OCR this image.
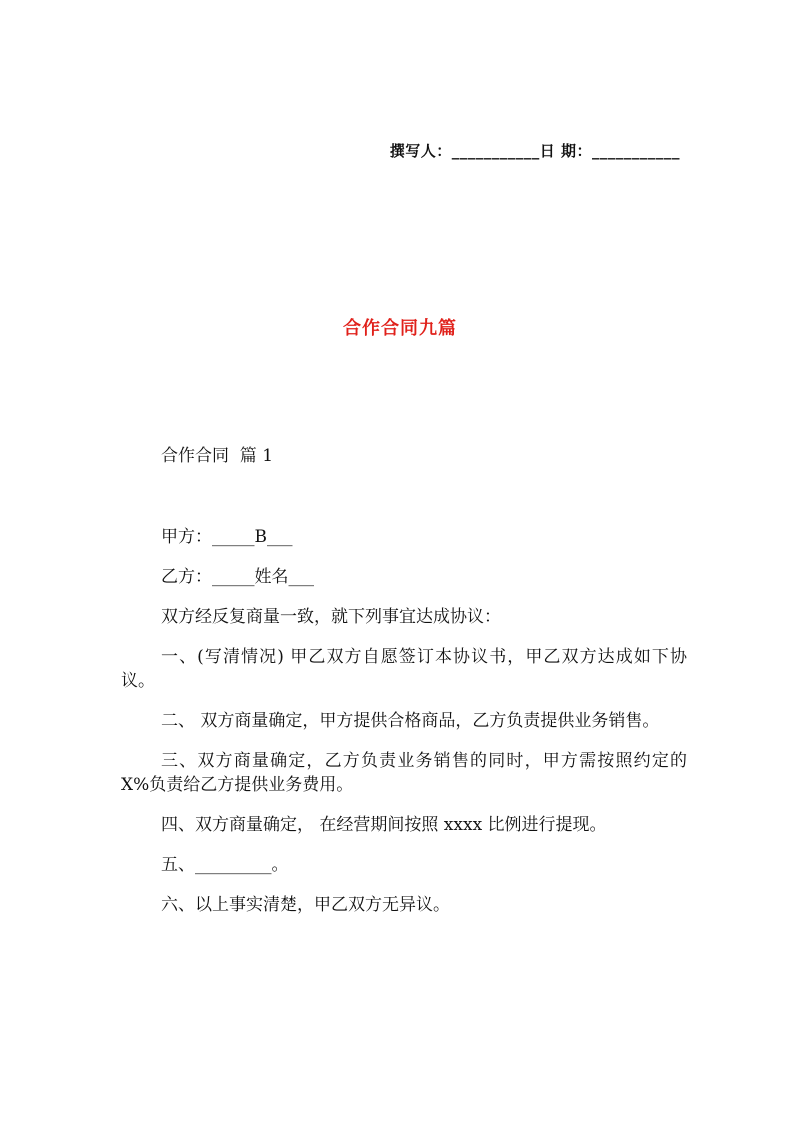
撰写人：___________日 期：___________
合作合同九篇
合作合同  篇 1

甲方：_____B___

乙方：_____姓名___

双方经反复商量一致，就下列事宜达成协议：

一、(写清情况) 甲乙双方自愿签订本协议书，甲乙双方达成如下协议。

二、 双方商量确定，甲方提供合格商品，乙方负责提供业务销售。

三、双方商量确定，乙方负责业务销售的同时，甲方需按照约定的 X%负责给乙方提供业务费用。

四、双方商量确定， 在经营期间按照 xxxx 比例进行提现。

五、_________。

六、以上事实清楚，甲乙双方无异议。
